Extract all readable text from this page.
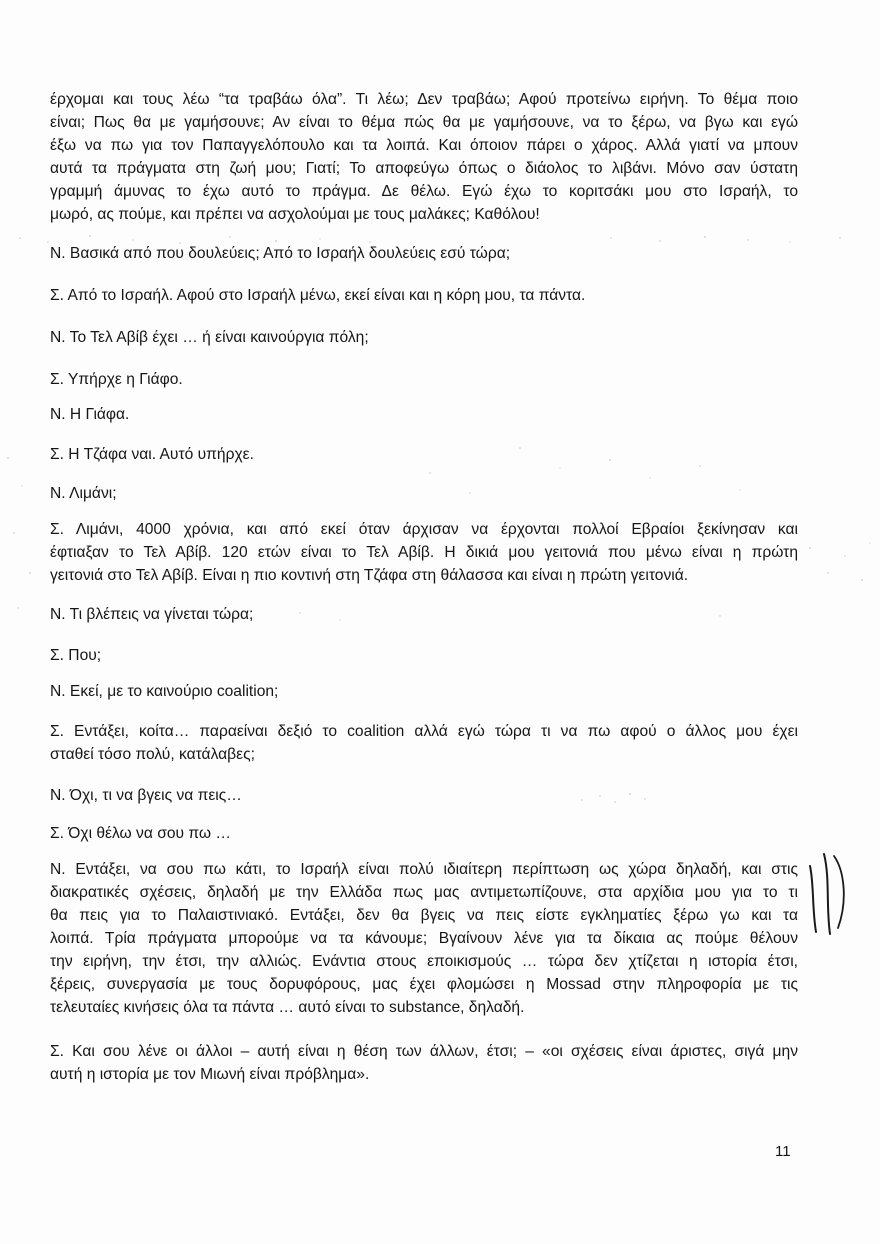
έρχομαι και τους λέω “τα τραβάω όλα”. Τι λέω; Δεν τραβάω; Αφού προτείνω ειρήνη. Το θέμα ποιο
είναι; Πως θα με γαμήσουνε; Αν είναι το θέμα πώς θα με γαμήσουνε, να το ξέρω, να βγω και εγώ
έξω να πω για τον Παπαγγελόπουλο και τα λοιπά. Και όποιον πάρει ο χάρος. Αλλά γιατί να μπουν
αυτά τα πράγματα στη ζωή μου; Γιατί; Το αποφεύγω όπως ο διάολος το λιβάνι. Μόνο σαν ύστατη
γραμμή άμυνας το έχω αυτό το πράγμα. Δε θέλω. Εγώ έχω το κοριτσάκι μου στο Ισραήλ, το
μωρό, ας πούμε, και πρέπει να ασχολούμαι με τους μαλάκες; Καθόλου!
Ν. Βασικά από που δουλεύεις; Από το Ισραήλ δουλεύεις εσύ τώρα;
Σ. Από το Ισραήλ. Αφού στο Ισραήλ μένω, εκεί είναι και η κόρη μου, τα πάντα.
Ν. Το Τελ Αβίβ έχει … ή είναι καινούργια πόλη;
Σ. Υπήρχε η Γιάφο.
Ν. Η Γιάφα.
Σ. Η Τζάφα ναι. Αυτό υπήρχε.
Ν. Λιμάνι;
Σ. Λιμάνι, 4000 χρόνια, και από εκεί όταν άρχισαν να έρχονται πολλοί Εβραίοι ξεκίνησαν και
έφτιαξαν το Τελ Αβίβ. 120 ετών είναι το Τελ Αβίβ. Η δικιά μου γειτονιά που μένω είναι η πρώτη
γειτονιά στο Τελ Αβίβ. Είναι η πιο κοντινή στη Τζάφα στη θάλασσα και είναι η πρώτη γειτονιά.
Ν. Τι βλέπεις να γίνεται τώρα;
Σ. Που;
Ν. Εκεί, με το καινούριο coalition;
Σ. Εντάξει, κοίτα… παραείναι δεξιό το coalition αλλά εγώ τώρα τι να πω αφού ο άλλος μου έχει
σταθεί τόσο πολύ, κατάλαβες;
Ν. Όχι, τι να βγεις να πεις…
Σ. Όχι θέλω να σου πω …
Ν. Εντάξει, να σου πω κάτι, το Ισραήλ είναι πολύ ιδιαίτερη περίπτωση ως χώρα δηλαδή, και στις
διακρατικές σχέσεις, δηλαδή με την Ελλάδα πως μας αντιμετωπίζουνε, στα αρχίδια μου για το τι
θα πεις για το Παλαιστινιακό. Εντάξει, δεν θα βγεις να πεις είστε εγκληματίες ξέρω γω και τα
λοιπά. Τρία πράγματα μπορούμε να τα κάνουμε; Βγαίνουν λένε για τα δίκαια ας πούμε θέλουν
την ειρήνη, την έτσι, την αλλιώς. Ενάντια στους εποικισμούς … τώρα δεν χτίζεται η ιστορία έτσι,
ξέρεις, συνεργασία με τους δορυφόρους, μας έχει φλομώσει η Mossad στην πληροφορία με τις
τελευταίες κινήσεις όλα τα πάντα … αυτό είναι το substance, δηλαδή.
Σ. Και σου λένε οι άλλοι – αυτή είναι η θέση των άλλων, έτσι; – «οι σχέσεις είναι άριστες, σιγά μην
αυτή η ιστορία με τον Μιωνή είναι πρόβλημα».
11
